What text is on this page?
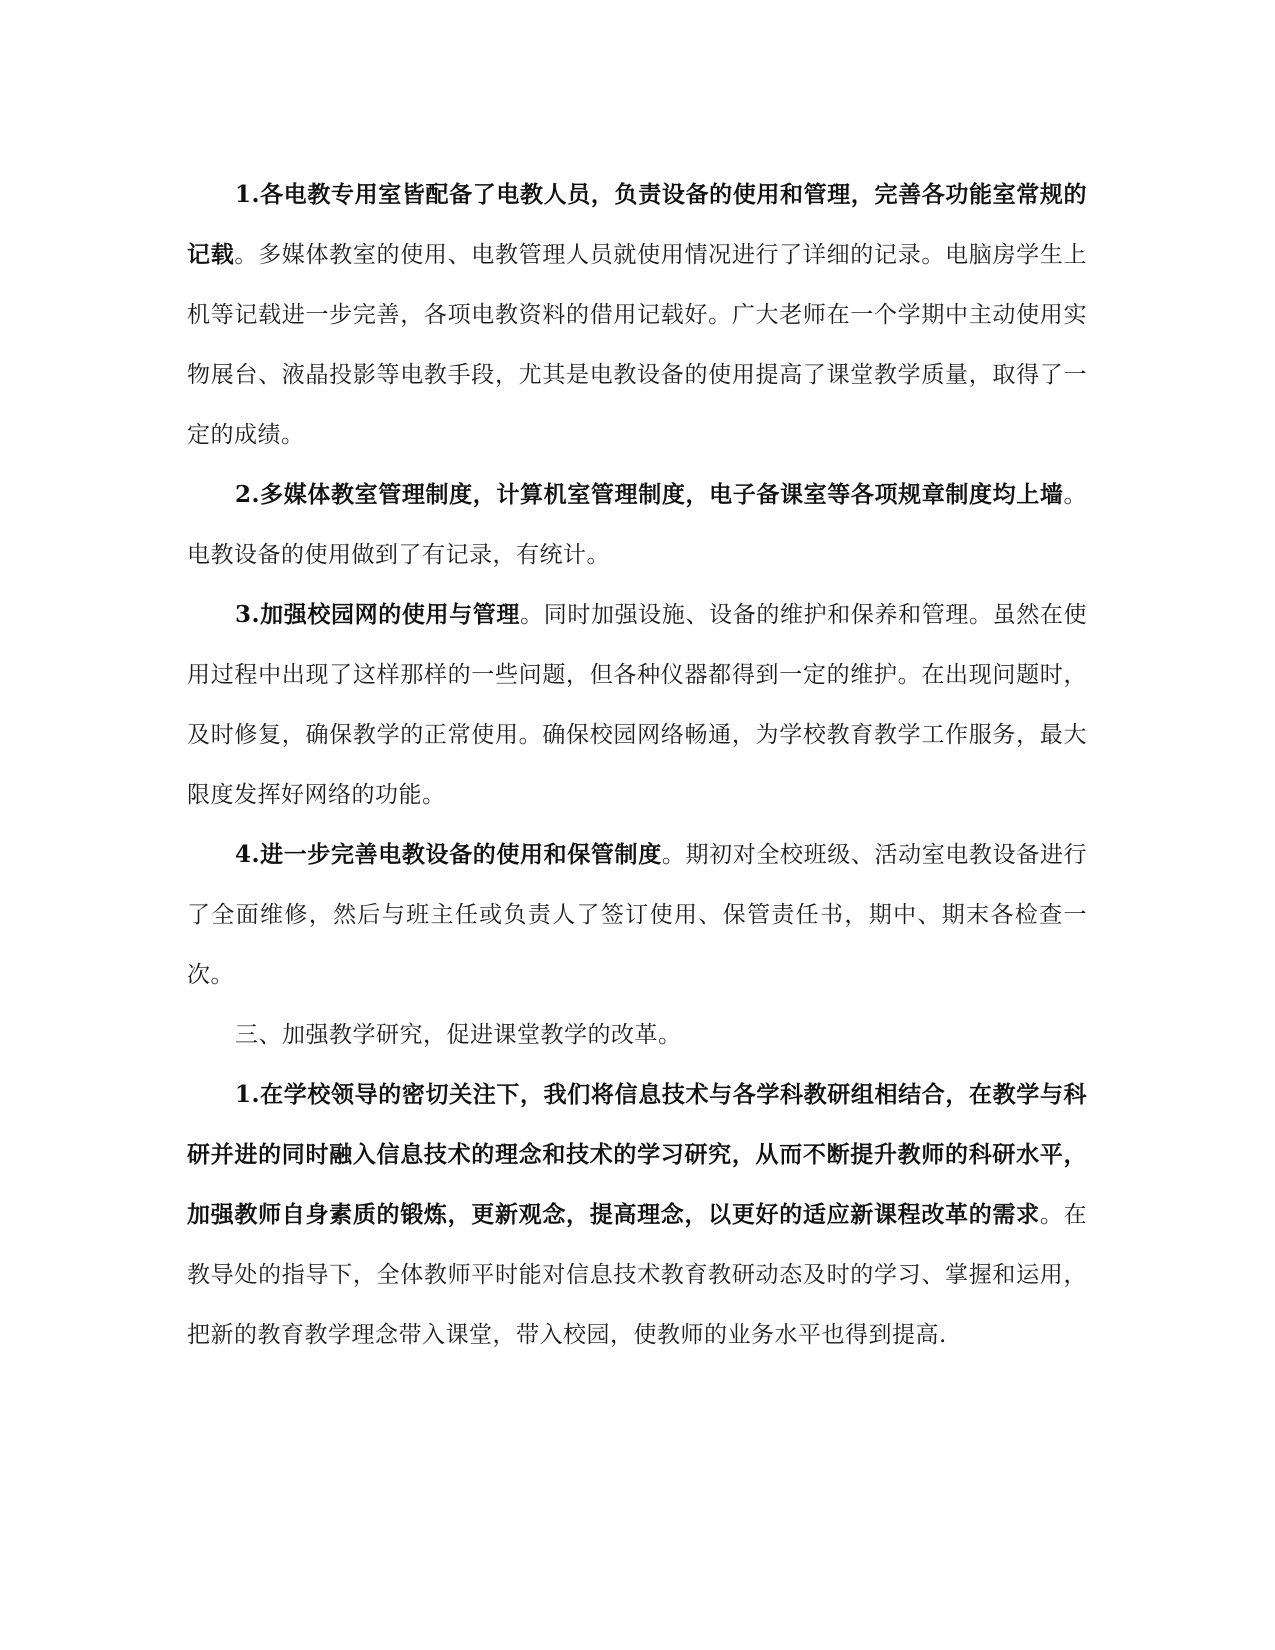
1.各电教专用室皆配备了电教人员，负责设备的使用和管理，完善各功能室常规的记载。多媒体教室的使用、电教管理人员就使用情况进行了详细的记录。电脑房学生上机等记载进一步完善，各项电教资料的借用记载好。广大老师在一个学期中主动使用实物展台、液晶投影等电教手段，尤其是电教设备的使用提高了课堂教学质量，取得了一定的成绩。

2.多媒体教室管理制度，计算机室管理制度，电子备课室等各项规章制度均上墙。电教设备的使用做到了有记录，有统计。

3.加强校园网的使用与管理。同时加强设施、设备的维护和保养和管理。虽然在使用过程中出现了这样那样的一些问题，但各种仪器都得到一定的维护。在出现问题时，及时修复，确保教学的正常使用。确保校园网络畅通，为学校教育教学工作服务，最大限度发挥好网络的功能。

4.进一步完善电教设备的使用和保管制度。期初对全校班级、活动室电教设备进行了全面维修，然后与班主任或负责人了签订使用、保管责任书，期中、期末各检查一次。

三、加强教学研究，促进课堂教学的改革。

1.在学校领导的密切关注下，我们将信息技术与各学科教研组相结合，在教学与科研并进的同时融入信息技术的理念和技术的学习研究，从而不断提升教师的科研水平，加强教师自身素质的锻炼，更新观念，提高理念，以更好的适应新课程改革的需求。在教导处的指导下，全体教师平时能对信息技术教育教研动态及时的学习、掌握和运用，把新的教育教学理念带入课堂，带入校园，使教师的业务水平也得到提高.
